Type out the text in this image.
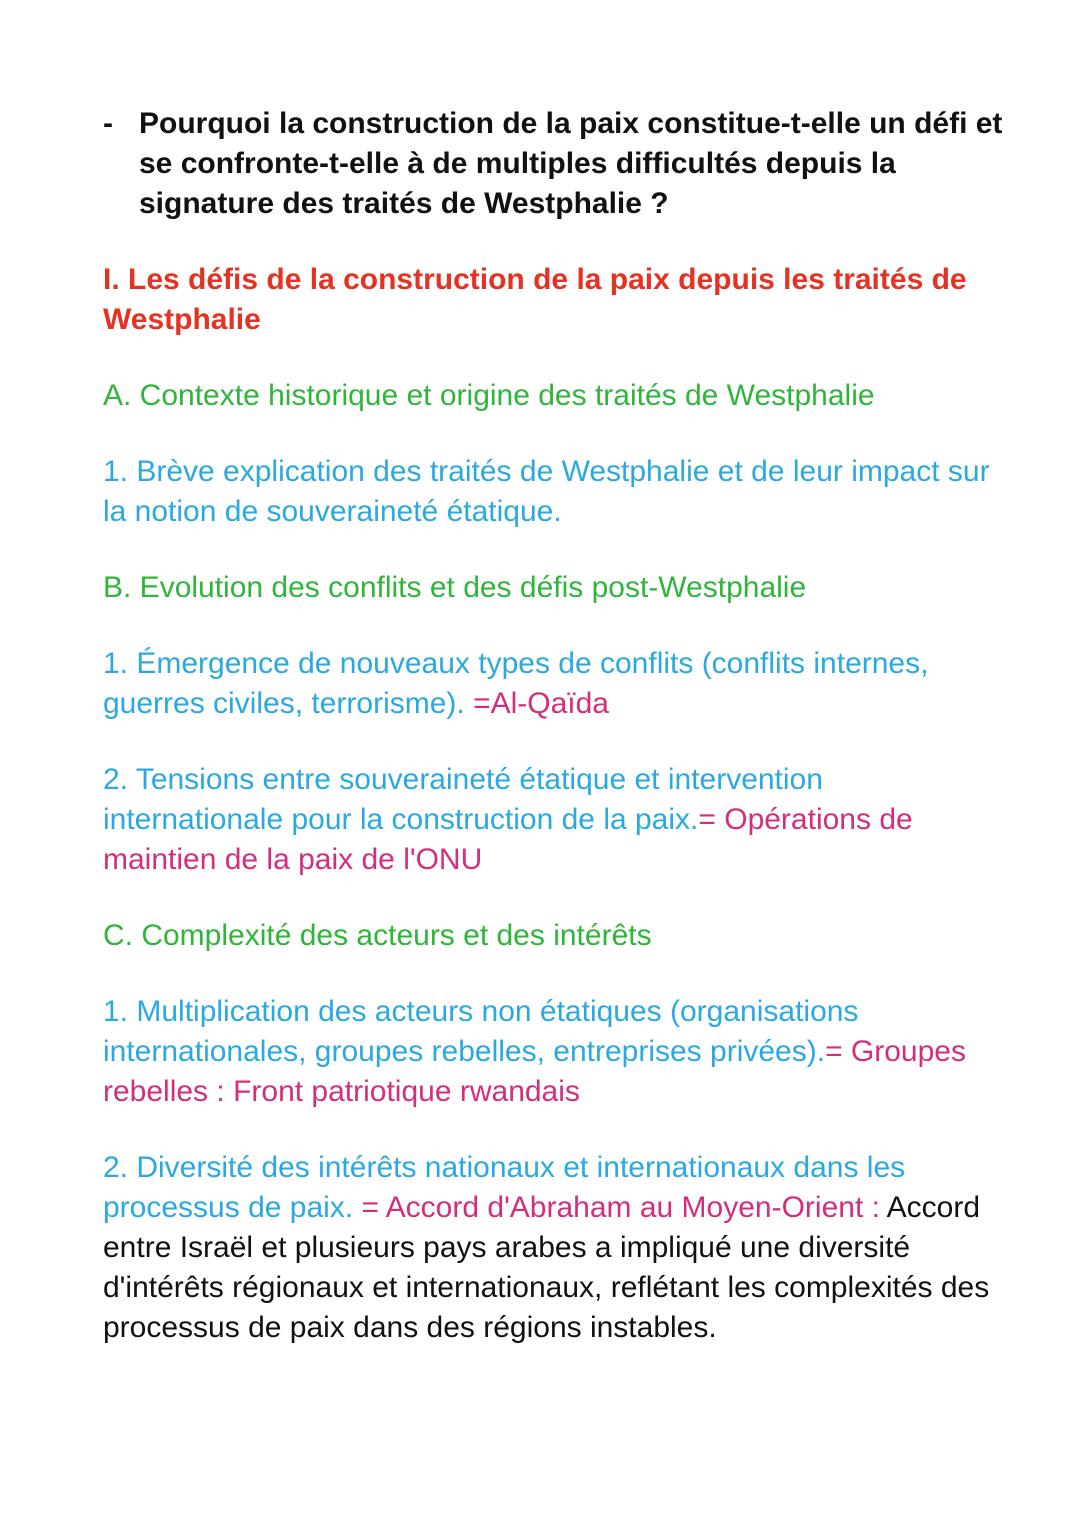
- Pourquoi la construction de la paix constitue-t-elle un défi et se confronte-t-elle à de multiples difficultés depuis la signature des traités de Westphalie ?

I. Les défis de la construction de la paix depuis les traités de Westphalie

A. Contexte historique et origine des traités de Westphalie

1. Brève explication des traités de Westphalie et de leur impact sur la notion de souveraineté étatique.

B. Evolution des conflits et des défis post-Westphalie

1. Émergence de nouveaux types de conflits (conflits internes, guerres civiles, terrorisme). =Al-Qaïda

2. Tensions entre souveraineté étatique et intervention internationale pour la construction de la paix.= Opérations de maintien de la paix de l'ONU

C. Complexité des acteurs et des intérêts

1. Multiplication des acteurs non étatiques (organisations internationales, groupes rebelles, entreprises privées).= Groupes rebelles : Front patriotique rwandais

2. Diversité des intérêts nationaux et internationaux dans les processus de paix. = Accord d'Abraham au Moyen-Orient : Accord entre Israël et plusieurs pays arabes a impliqué une diversité d'intérêts régionaux et internationaux, reflétant les complexités des processus de paix dans des régions instables.
